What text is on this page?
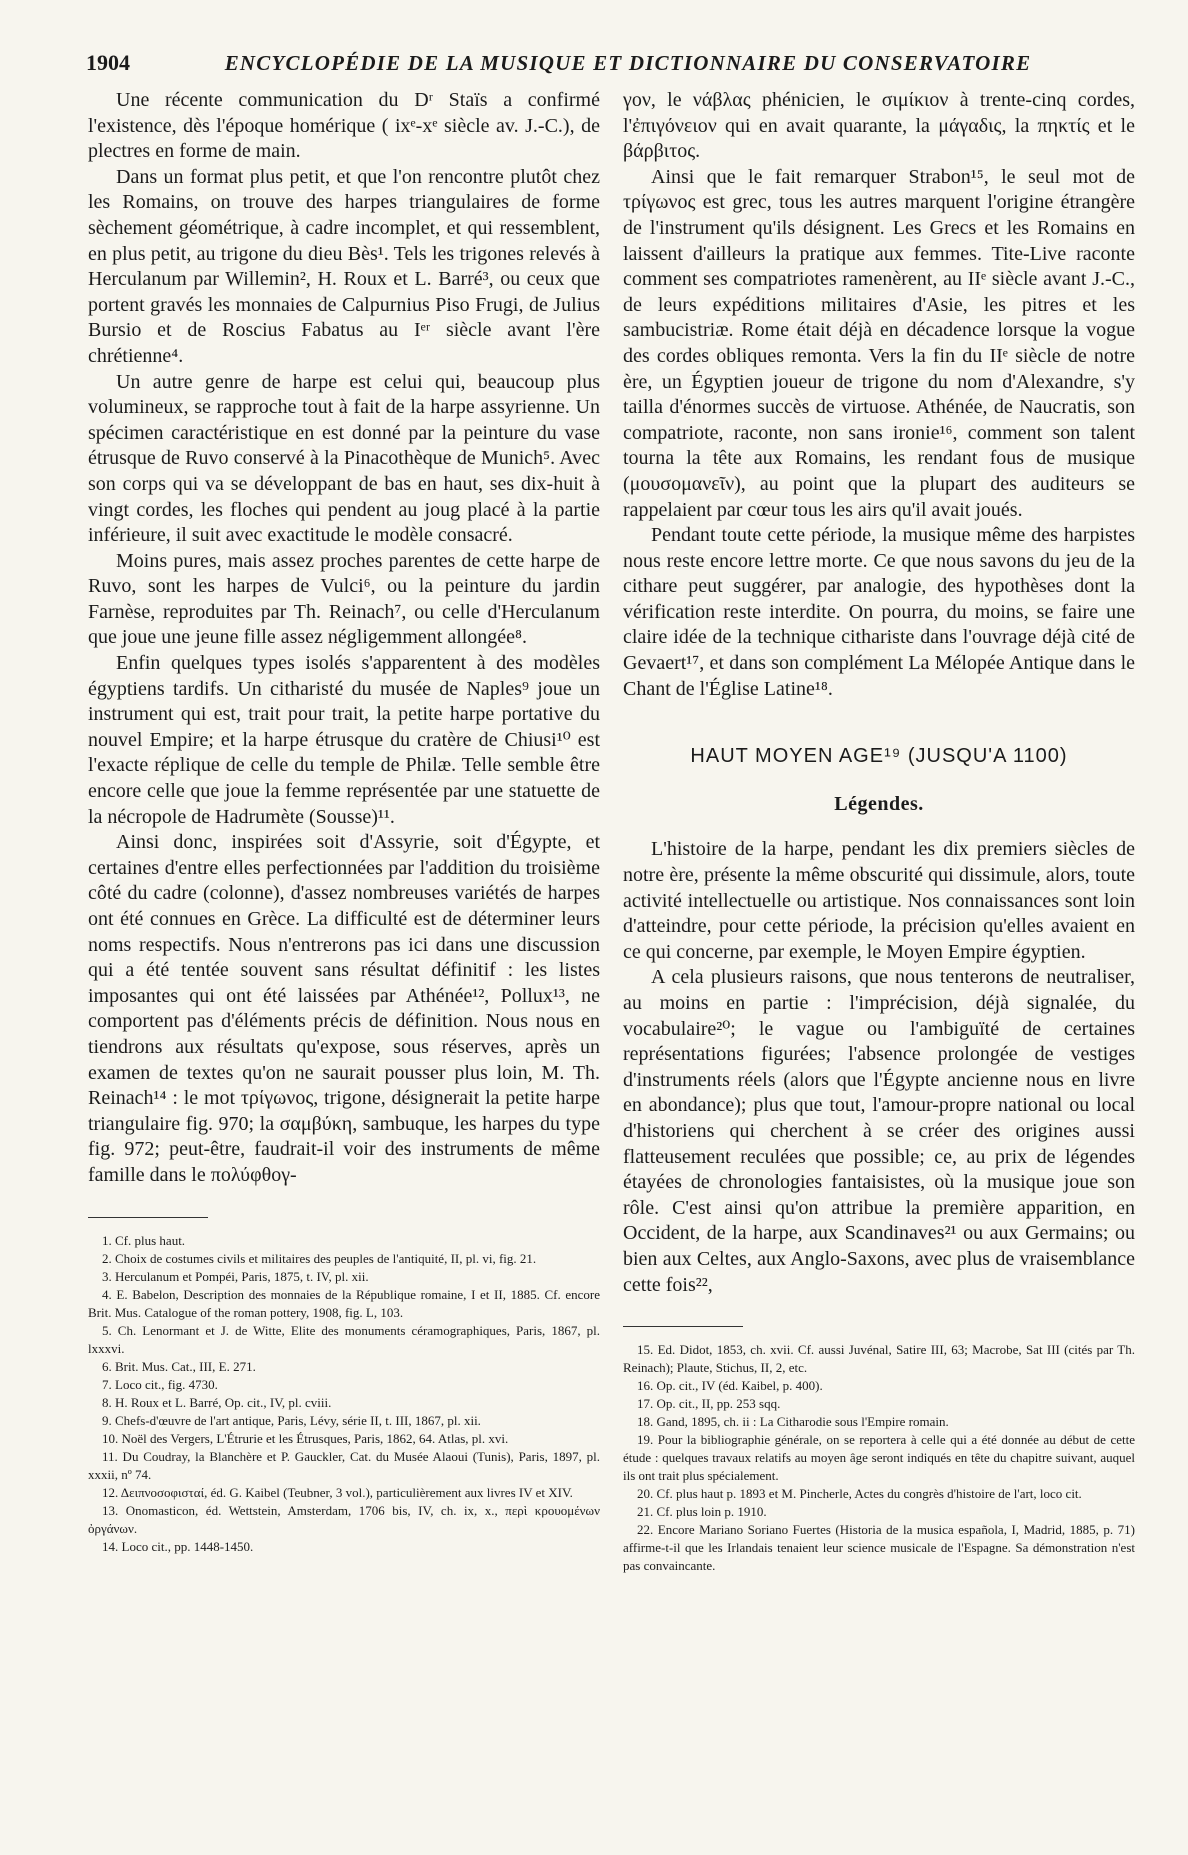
1904	ENCYCLOPÉDIE DE LA MUSIQUE ET DICTIONNAIRE DU CONSERVATOIRE

Une récente communication du Dʳ Staïs a confirmé l'existence, dès l'époque homérique ( ixᵉ-xᵉ siècle av. J.-C.), de plectres en forme de main.

Dans un format plus petit, et que l'on rencontre plutôt chez les Romains, on trouve des harpes triangulaires de forme sèchement géométrique, à cadre incomplet, et qui ressemblent, en plus petit, au trigone du dieu Bès¹. Tels les trigones relevés à Herculanum par Willemin², H. Roux et L. Barré³, ou ceux que portent gravés les monnaies de Calpurnius Piso Frugi, de Julius Bursio et de Roscius Fabatus au Iᵉʳ siècle avant l'ère chrétienne⁴.

Un autre genre de harpe est celui qui, beaucoup plus volumineux, se rapproche tout à fait de la harpe assyrienne. Un spécimen caractéristique en est donné par la peinture du vase étrusque de Ruvo conservé à la Pinacothèque de Munich⁵. Avec son corps qui va se développant de bas en haut, ses dix-huit à vingt cordes, les floches qui pendent au joug placé à la partie inférieure, il suit avec exactitude le modèle consacré.

Moins pures, mais assez proches parentes de cette harpe de Ruvo, sont les harpes de Vulci⁶, ou la peinture du jardin Farnèse, reproduites par Th. Reinach⁷, ou celle d'Herculanum que joue une jeune fille assez négligemment allongée⁸.

Enfin quelques types isolés s'apparentent à des modèles égyptiens tardifs. Un citharisté du musée de Naples⁹ joue un instrument qui est, trait pour trait, la petite harpe portative du nouvel Empire; et la harpe étrusque du cratère de Chiusi¹⁰ est l'exacte réplique de celle du temple de Philæ. Telle semble être encore celle que joue la femme représentée par une statuette de la nécropole de Hadrumète (Sousse)¹¹.

Ainsi donc, inspirées soit d'Assyrie, soit d'Égypte, et certaines d'entre elles perfectionnées par l'addition du troisième côté du cadre (colonne), d'assez nombreuses variétés de harpes ont été connues en Grèce. La difficulté est de déterminer leurs noms respectifs. Nous n'entrerons pas ici dans une discussion qui a été tentée souvent sans résultat définitif : les listes imposantes qui ont été laissées par Athénée¹², Pollux¹³, ne comportent pas d'éléments précis de définition. Nous nous en tiendrons aux résultats qu'expose, sous réserves, après un examen de textes qu'on ne saurait pousser plus loin, M. Th. Reinach¹⁴ : le mot τρίγωνος, trigone, désignerait la petite harpe triangulaire fig. 970; la σαμβύκη, sambuque, les harpes du type fig. 972; peut-être, faudrait-il voir des instruments de même famille dans le πολύφθογ-

1. Cf. plus haut.

2. Choix de costumes civils et militaires des peuples de l'antiquité, II, pl. vi, fig. 21.

3. Herculanum et Pompéi, Paris, 1875, t. IV, pl. xii.

4. E. Babelon, Description des monnaies de la République romaine, I et II, 1885. Cf. encore Brit. Mus. Catalogue of the roman pottery, 1908, fig. L, 103.

5. Ch. Lenormant et J. de Witte, Elite des monuments céramographiques, Paris, 1867, pl. lxxxvi.

6. Brit. Mus. Cat., III, E. 271.

7. Loco cit., fig. 4730.

8. H. Roux et L. Barré, Op. cit., IV, pl. cviii.

9. Chefs-d'œuvre de l'art antique, Paris, Lévy, série II, t. III, 1867, pl. xii.

10. Noël des Vergers, L'Étrurie et les Étrusques, Paris, 1862, 64. Atlas, pl. xvi.

11. Du Coudray, la Blanchère et P. Gauckler, Cat. du Musée Alaoui (Tunis), Paris, 1897, pl. xxxii, nº 74.

12. Δειπνοσοφισταί, éd. G. Kaibel (Teubner, 3 vol.), particulièrement aux livres IV et XIV.

13. Onomasticon, éd. Wettstein, Amsterdam, 1706 bis, IV, ch. ix, x., περὶ κρουομένων ὀργάνων.

14. Loco cit., pp. 1448-1450.

γον, le νάβλας phénicien, le σιμίκιον à trente-cinq cordes, l'ἐπιγόνειον qui en avait quarante, la μάγαδις, la πηκτίς et le βάρβιτος.

Ainsi que le fait remarquer Strabon¹⁵, le seul mot de τρίγωνος est grec, tous les autres marquent l'origine étrangère de l'instrument qu'ils désignent. Les Grecs et les Romains en laissent d'ailleurs la pratique aux femmes. Tite-Live raconte comment ses compatriotes ramenèrent, au IIᵉ siècle avant J.-C., de leurs expéditions militaires d'Asie, les pitres et les sambucistriæ. Rome était déjà en décadence lorsque la vogue des cordes obliques remonta. Vers la fin du IIᵉ siècle de notre ère, un Égyptien joueur de trigone du nom d'Alexandre, s'y tailla d'énormes succès de virtuose. Athénée, de Naucratis, son compatriote, raconte, non sans ironie¹⁶, comment son talent tourna la tête aux Romains, les rendant fous de musique (μουσομανεῖν), au point que la plupart des auditeurs se rappelaient par cœur tous les airs qu'il avait joués.

Pendant toute cette période, la musique même des harpistes nous reste encore lettre morte. Ce que nous savons du jeu de la cithare peut suggérer, par analogie, des hypothèses dont la vérification reste interdite. On pourra, du moins, se faire une claire idée de la technique cithariste dans l'ouvrage déjà cité de Gevaert¹⁷, et dans son complément La Mélopée Antique dans le Chant de l'Église Latine¹⁸.

HAUT MOYEN AGE¹⁹ (JUSQU'A 1100)
Légendes.

L'histoire de la harpe, pendant les dix premiers siècles de notre ère, présente la même obscurité qui dissimule, alors, toute activité intellectuelle ou artistique. Nos connaissances sont loin d'atteindre, pour cette période, la précision qu'elles avaient en ce qui concerne, par exemple, le Moyen Empire égyptien.

A cela plusieurs raisons, que nous tenterons de neutraliser, au moins en partie : l'imprécision, déjà signalée, du vocabulaire²⁰; le vague ou l'ambiguïté de certaines représentations figurées; l'absence prolongée de vestiges d'instruments réels (alors que l'Égypte ancienne nous en livre en abondance); plus que tout, l'amour-propre national ou local d'historiens qui cherchent à se créer des origines aussi flatteusement reculées que possible; ce, au prix de légendes étayées de chronologies fantaisistes, où la musique joue son rôle. C'est ainsi qu'on attribue la première apparition, en Occident, de la harpe, aux Scandinaves²¹ ou aux Germains; ou bien aux Celtes, aux Anglo-Saxons, avec plus de vraisemblance cette fois²²,

15. Ed. Didot, 1853, ch. xvii. Cf. aussi Juvénal, Satire III, 63; Macrobe, Sat III (cités par Th. Reinach); Plaute, Stichus, II, 2, etc.

16. Op. cit., IV (éd. Kaibel, p. 400).

17. Op. cit., II, pp. 253 sqq.

18. Gand, 1895, ch. ii : La Citharodie sous l'Empire romain.

19. Pour la bibliographie générale, on se reportera à celle qui a été donnée au début de cette étude : quelques travaux relatifs au moyen âge seront indiqués en tête du chapitre suivant, auquel ils ont trait plus spécialement.

20. Cf. plus haut p. 1893 et M. Pincherle, Actes du congrès d'histoire de l'art, loco cit.

21. Cf. plus loin p. 1910.

22. Encore Mariano Soriano Fuertes (Historia de la musica española, I, Madrid, 1885, p. 71) affirme-t-il que les Irlandais tenaient leur science musicale de l'Espagne. Sa démonstration n'est pas convaincante.
